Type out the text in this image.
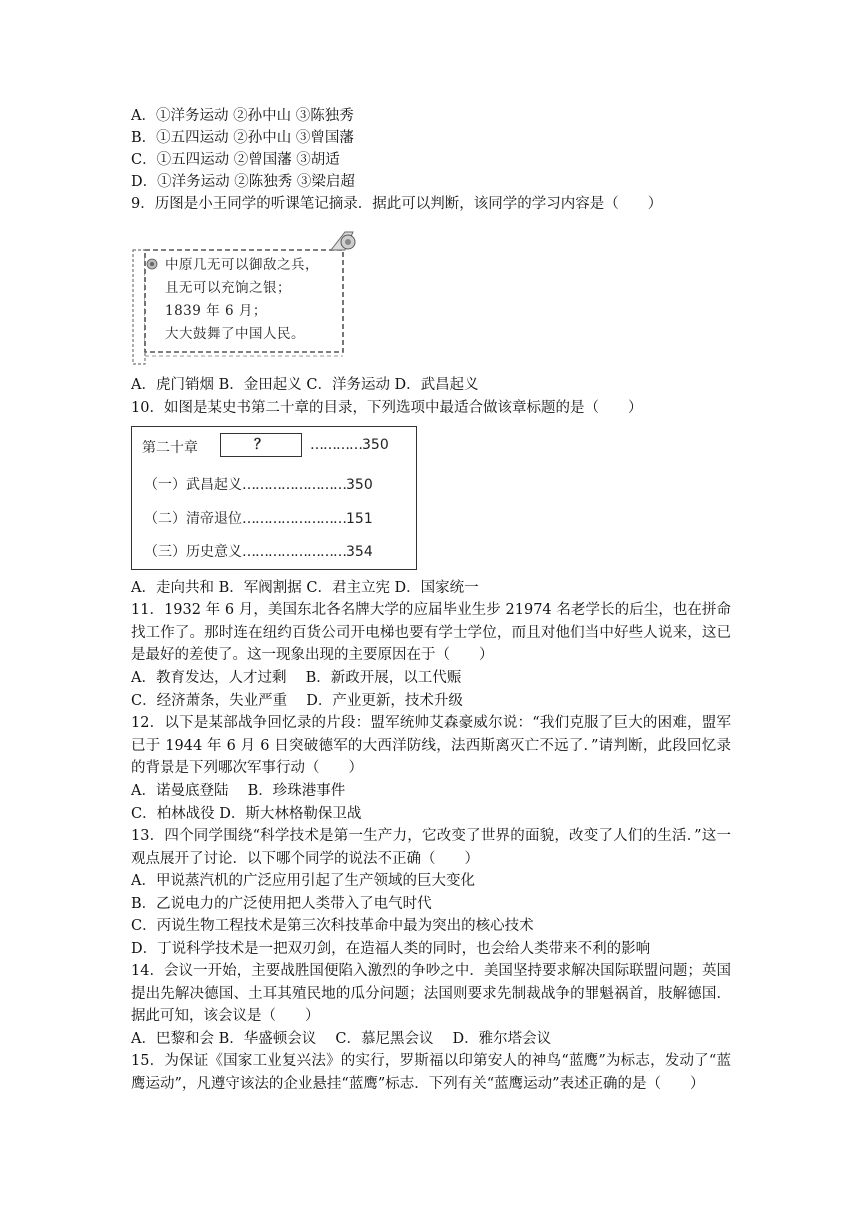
A．①洋务运动 ②孙中山 ③陈独秀
B．①五四运动 ②孙中山 ③曾国藩
C．①五四运动 ②曾国藩 ③胡适
D．①洋务运动 ②陈独秀 ③梁启超
9．历图是小王同学的听课笔记摘录．据此可以判断，该同学的学习内容是（　　）
中原几无可以御敌之兵，
且无可以充饷之银；
1839 年 6 月；
大大鼓舞了中国人民。
A．虎门销烟 B．金田起义 C．洋务运动 D．武昌起义
10．如图是某史书第二十章的目录，下列选项中最适合做该章标题的是（　　）
第二十章	？	…………350
（一）武昌起义……………………350
（二）清帝退位……………………151
（三）历史意义……………………354
A．走向共和 B．军阀割据 C．君主立宪 D．国家统一
11．1932 年 6 月，美国东北各名牌大学的应届毕业生步 21974 名老学长的后尘，也在拼命找工作了。那时连在纽约百货公司开电梯也要有学士学位，而且对他们当中好些人说来，这已是最好的差使了。这一现象出现的主要原因在于（　　）
A．教育发达，人才过剩　 B．新政开展，以工代赈
C．经济萧条，失业严重　 D．产业更新，技术升级
12．以下是某部战争回忆录的片段：盟军统帅艾森豪威尔说：“我们克服了巨大的困难，盟军已于 1944 年 6 月 6 日突破德军的大西洋防线，法西斯离灭亡不远了．”请判断，此段回忆录的背景是下列哪次军事行动（　　）
A．诺曼底登陆　 B．珍珠港事件
C．柏林战役 D．斯大林格勒保卫战
13．四个同学围绕“科学技术是第一生产力，它改变了世界的面貌，改变了人们的生活．”这一观点展开了讨论．以下哪个同学的说法不正确（　　）
A．甲说蒸汽机的广泛应用引起了生产领域的巨大变化
B．乙说电力的广泛使用把人类带入了电气时代
C．丙说生物工程技术是第三次科技革命中最为突出的核心技术
D．丁说科学技术是一把双刃剑，在造福人类的同时，也会给人类带来不利的影响
14．会议一开始，主要战胜国便陷入激烈的争吵之中．美国坚持要求解决国际联盟问题；英国提出先解决德国、土耳其殖民地的瓜分问题；法国则要求先制裁战争的罪魁祸首，肢解德国．据此可知，该会议是（　　）
A．巴黎和会 B．华盛顿会议　 C．慕尼黑会议　 D．雅尔塔会议
15．为保证《国家工业复兴法》的实行，罗斯福以印第安人的神鸟“蓝鹰”为标志，发动了“蓝鹰运动”，凡遵守该法的企业悬挂“蓝鹰”标志．下列有关“蓝鹰运动”表述正确的是（　　）
